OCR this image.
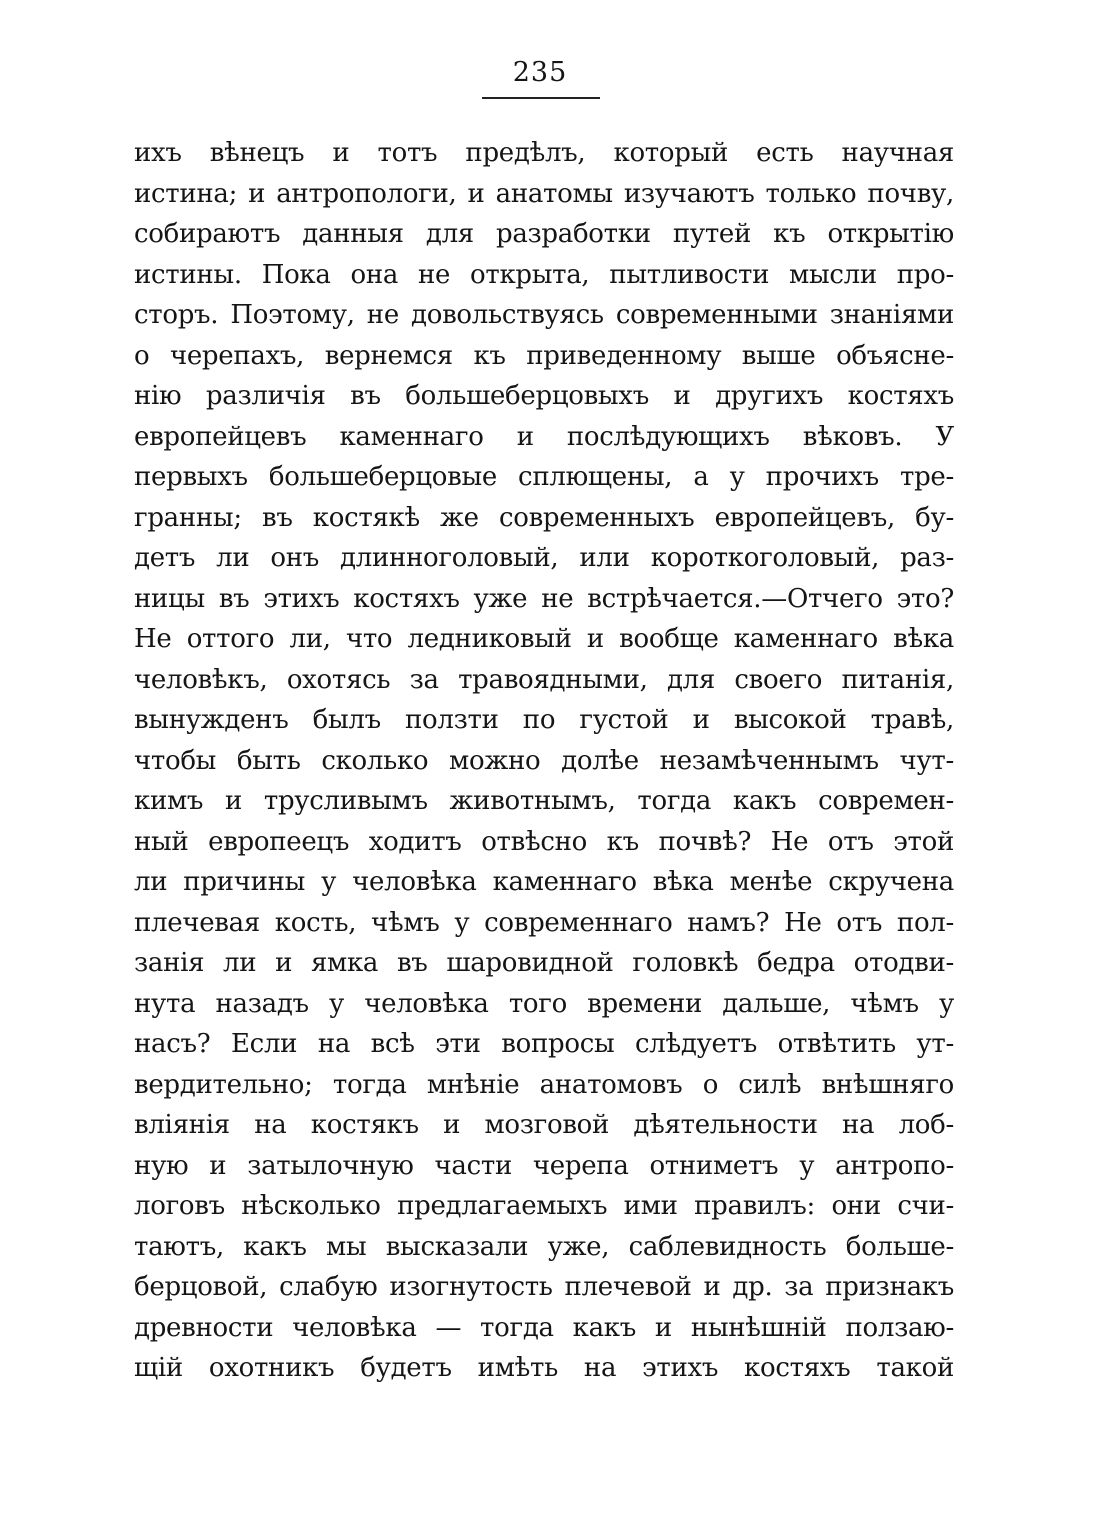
235
ихъ вѣнецъ и тотъ предѣлъ, который есть научная
истина; и антропологи, и анатомы изучаютъ только почву,
собираютъ данныя для разработки путей къ открытію
истины. Пока она не открыта, пытливости мысли про-
сторъ. Поэтому, не довольствуясь современными знаніями
о черепахъ, вернемся къ приведенному выше объясне-
нію различія въ большеберцовыхъ и другихъ костяхъ
европейцевъ каменнаго и послѣдующихъ вѣковъ. У
первыхъ большеберцовые сплющены, а у прочихъ тре-
гранны; въ костякѣ же современныхъ европейцевъ, бу-
детъ ли онъ длинноголовый, или короткоголовый, раз-
ницы въ этихъ костяхъ уже не встрѣчается.—Отчего это?
Не оттого ли, что ледниковый и вообще каменнаго вѣка
человѣкъ, охотясь за травоядными, для своего питанія,
вынужденъ былъ ползти по густой и высокой травѣ,
чтобы быть сколько можно долѣе незамѣченнымъ чут-
кимъ и трусливымъ животнымъ, тогда какъ современ-
ный европеецъ ходитъ отвѣсно къ почвѣ? Не отъ этой
ли причины у человѣка каменнаго вѣка менѣе скручена
плечевая кость, чѣмъ у современнаго намъ? Не отъ пол-
занія ли и ямка въ шаровидной головкѣ бедра отодви-
нута назадъ у человѣка того времени дальше, чѣмъ у
насъ? Если на всѣ эти вопросы слѣдуетъ отвѣтить ут-
вердительно; тогда мнѣніе анатомовъ о силѣ внѣшняго
вліянія на костякъ и мозговой дѣятельности на лоб-
ную и затылочную части черепа отниметъ у антропо-
логовъ нѣсколько предлагаемыхъ ими правилъ: они счи-
таютъ, какъ мы высказали уже, саблевидность больше-
берцовой, слабую изогнутость плечевой и др. за признакъ
древности человѣка — тогда какъ и нынѣшній ползаю-
щій охотникъ будетъ имѣть на этихъ костяхъ такой
